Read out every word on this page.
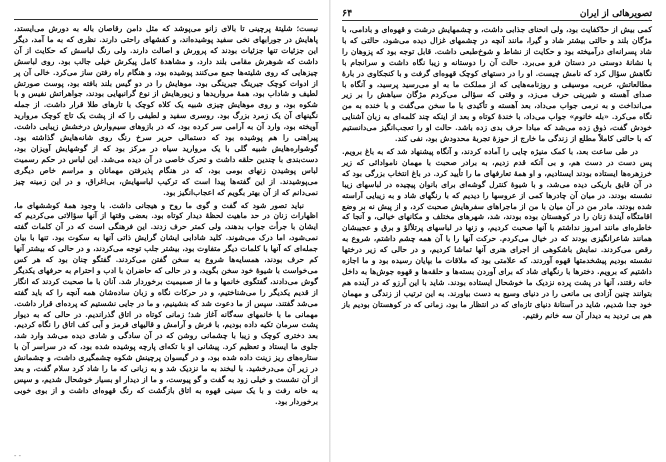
نیست؛ شلیتهٔ پرچینی تا بالای زانو می‌پوشد که مثل دامن رقاصان باله به دورش می‌ایستد، پاهایش در جورابهای نخی سفید پوشیده‌اند، و کفشهای راحتی دارند. نظری که به ما آمد، دیگر این جزئیات تنها جزئیات بودند که پرورش و اصالت دارند. ولی رنگ لباسش که حکایت از آن داشت که شوهرش مقامی بلند دارد، و مشاهدهٔ کامل پیکرش خیلی جالب بود. روی لباسش چیزهایی که روی شلیته‌ها جمع می‌کنند پوشیده بود، و هنگام راه رفتن ساز می‌کرد. خالی آن پر از ادوات کوچک جیرینگ جیرینگی بود. موهایش را در دو گیس بلند بافته بود، پوست صورتش لطیف و شاداب بود، همهٔ مرواریدها و زیورهایش از نوع گرانبهایی بودند، جواهراتش نفیس و با شکوه بود، و روی موهایش چیزی شبیه یک کلاه کوچک با تارهای طلا قرار داشت. از جمله نگینهای آن یک زمرد بزرگ بود. روسری سفید و لطیفی را که از پشت یک تاج کوچک مروارید آویخته بود، وارد آن به آرامی سر کرده بود، که در بازوهای سیم‌وارش درخشش زیبایی داشت. پیراهنی را هم پوشیده بود که دستمالی حریر سرخ رنگ روی شانه‌هایش گذاشته بود. گوشواره‌هایش شبیه گلی با یک مروارید سیاه در مرکز بود که از گوشهایش آویزان بود، دست‌بندی با چندین حلقه داشت و تحرک خاصی در آن دیده می‌شد. این لباس در حکم رسمیت لباس پوشیدن زنهای بومی بود، که در هنگام پذیرفتن مهمانان و مراسم خاص دیگری می‌پوشیدند. از این گفته‌ها پیدا است که ترکیب لباسهایش، بی‌اغراق، و در این زمینه چیز نمی‌دانم که از آن بهتر بگویم که اعجاب‌انگیز بود.

نباید تصور شود که گفت و گوی ما روح و هیجانی داشت. با وجود همهٔ کوششهای ما، اظهارات زنان در حد ماهیت لحظهٔ دیدار کوتاه بود. بعضی وقتها از آنها سؤالاتی می‌کردیم که ایشان با جرأت جواب بدهند، ولی کمتر حرف زدند. این فرهنگی است که در آن کلمات گفته نمی‌شود، اما درک می‌شوند. کلید شادابی ایشان گرایش ذاتی آنها به سکوت بود. تنها با بیان جمله‌ای که آنها با کلمات دیگر متفاوت بود، بیشتر جلب توجه می‌کردند، و در حالی که بیشتر آنها کم حرف بودند، همسایه‌ها شروع به سخن گفتن می‌کردند. گفتگو چنان بود که هر کس می‌خواست با شیوهٔ خود سخن بگوید، و در حالی که حاضران با ادب و احترام به حرفهای یکدیگر گوش می‌دادند، گفتگوی خانمها و ما از صمیمیت برخوردار شد. آنان با ما صحبت کردند که انگار از قدیم یکدیگر را می‌شناختیم، و در حرکات نگاه و زبان ساده‌شان همه آنچه را که باید گفته می‌شد گفتند. سپس از ما دعوت شد که بنشینیم، و ما در جایی نشستیم که پرده‌ای قرار داشت. مهمانی ما با خانمهای سه‌گانه آغاز شد؛ زمانی کوتاه در اتاق گذراندیم. در حالی که به دیوار پشت سرمان تکیه داده بودیم، با فرش و آرامش و قالیهای قرمز و آبی کف اتاق را نگاه کردیم. بعد دختری کوچک و زیبا با چشمانی روشن که در آن سادگی و شادی دیده می‌شد وارد شد، جلوی ما ایستاد و تعظیم کرد. پیشانی او با تکه‌ای پارچه پوشیده شده بود، که در سراسر آن با ستاره‌های ریز زینت داده شده بود، و در گیسوان پرچینش شکوه چشمگیری داشت، و چشمانش در زیر آن می‌درخشید. با لبخند به ما نزدیک شد و به زبانی که ما را شاد کرد سلام گفت، و بعد از آن نشست و خیلی زود به گفت و گو پیوست، و ما از دیدار او بسیار خوشحال شدیم، و سپس به خانه رفت و با یک سینی قهوه به اتاق بازگشت که رنگ قهوه‌ای داشت و از بوی خوبی برخوردار بود.

تصویرهائی از ایران
۶۴

کمی بیش از حدّکفایت بود، ولی انحنای جذابی داشت، و چشمهایش درشت و قهوه‌ای و بادامی، با مژگان بلند و حالتی بیشتر شاد و گیرا، مانند آنچه در چشمهای غزال دیده می‌شود، حالتی که با شاد پسرانه‌ای درآمیخته بود و حکایت از نشاط و شوخ‌طبعی داشت. قابل توجه بود که پزوهان را با نشانهٔ دوستی در دستان فرو می‌برد. حالت آن را دوستانه و زیبا نگاه داشت و سرانجام با نگاهش سؤال کرد که نامش چیست. او را در دستهای کوچک قهوه‌ای گرفت و با کنجکاوی در بارهٔ مطالعاتش، عربی، موسیقی و روزنامه‌هایی که از مملکت ما به او می‌رسید پرسید، و آنگاه با صدای آهسته و شیرینی حرف می‌زد، و وقتی که سؤالی می‌کردم مژگان سیاهش را بر زیر می‌انداخت و به نرمی جواب می‌داد، بعد آهسته و تأکیدی با ما سخن می‌گفت و با خنده به من نگاه می‌کرد. «بله خانوم» جواب می‌داد، با خندهٔ کوتاه و بعد از اینکه چند کلمه‌ای به زبان آشنایی خودش گفت، ذوق زده می‌شد که مبادا حرف بدی زده باشد. حالت او را تعجب‌انگیز می‌دانستیم که با حالتی کاملاً مطلع از زندگی ما خارج از حوزهٔ تجربهٔ محدودش بود، نفی کند.

در طی ساعت بعد، با کمک منیژه چایی را آماده کردند، و آنگاه پیشنهاد شد که به باغ برویم. پس دست در دست هم، و بی آنکه قدم زدیم، به برادر صحبت با مهمان ناموادائی که زیر خرزهره‌ها ایستاده بودند ایستادیم، و او همهٔ تعارفهای ما را تأیید کرد. در باغ انتخاب بزرگی بود که در آن قایق باریکی دیده می‌شد، و با شیوهٔ کنترل گوشه‌ای برای بانوان پیچیده در لباسهای زیبا نشسته بودند. در میان آن چادرها کمی از عروسها را دیدیم که با رنگهای شاد و به زیبایی آراسته شده بودند. مادر من در آن میان با من از ماجراهای سفرهایش صحبت کرد، و از پیش نه بر وضع اقامتگاه آیندهٔ زنان را در کوهستان بوده بودند، شد، شهرهای مختلف و مکانهای خیالی، و آنجا که خاطره‌ای مانند امروز نداشتم با آنها صحبت کردیم، و زنها در لباسهای پرتلألؤ و برق و عجیبشان همانند شاعرانگیزی بودند که در خیال می‌کردم. حرکت آنها را با آن همه چشم داشتم، شروع به رقص می‌کردند. نمایش باشکوهی از اجرای هنری آنها تماشا کردیم، و در حالی که زیر درختها نشسته بودیم پیشخدمتها قهوه آوردند. که علامتی بود که ملاقات ما بپایان رسیده بود و ما اجازه داشتیم که برویم. دخترها با رنگهای شاد که برای آوردن بسته‌ها و حلقه‌ها و قهوه جوش‌ها به داخل خانه رفتند، آنها در پشت پرده نزدیک ما خوشحال ایستاده بودند. شاید با این آرزو که در آینده هم بتوانند چنین آزادی بی مانعی را در دنیای وسیع به دست بیاورند. به این ترتیب از زندگی و مهمان خود جدا شدیم، شاید در آستانهٔ دنیای تازه‌ای که در انتظار ما بود، زمانی که در کوهستان بودیم باز هم بی تردید به دیدار آن سه خانم رفتیم.

- -
